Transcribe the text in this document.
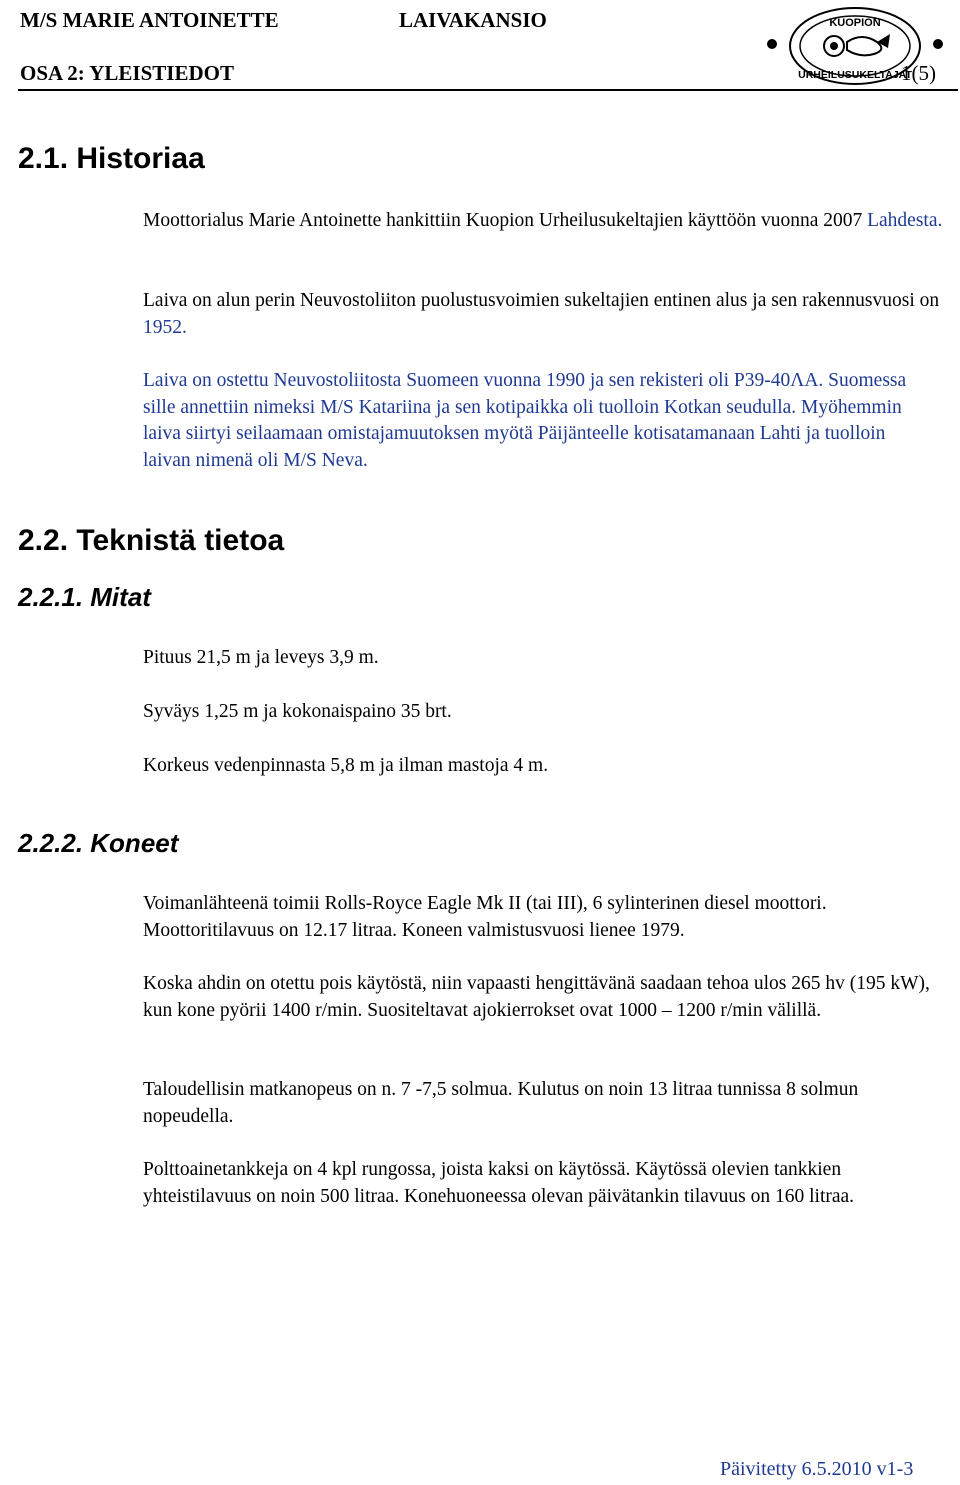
M/S MARIE ANTOINETTE	LAIVAKANSIO
OSA 2: YLEISTIEDOT	1(5)
KUOPION
URHEILUSUKELTAJAT
2.1. Historiaa
Moottorialus Marie Antoinette hankittiin Kuopion Urheilusukeltajien käyttöön vuonna 2007 Lahdesta.
Laiva on alun perin Neuvostoliiton puolustusvoimien sukeltajien entinen alus ja sen rakennusvuosi on 1952.
Laiva on ostettu Neuvostoliitosta Suomeen vuonna 1990 ja sen rekisteri oli P39-40ΛΑ. Suomessa sille annettiin nimeksi M/S Katariina ja sen kotipaikka oli tuolloin Kotkan seudulla. Myöhemmin laiva siirtyi seilaamaan omistajamuutoksen myötä Päijänteelle kotisatamanaan Lahti ja tuolloin laivan nimenä oli M/S Neva.
2.2. Teknistä tietoa
2.2.1. Mitat
Pituus 21,5 m ja leveys 3,9 m.
Syväys 1,25 m ja kokonaispaino 35 brt.
Korkeus vedenpinnasta 5,8 m ja ilman mastoja 4 m.
2.2.2. Koneet
Voimanlähteenä toimii Rolls-Royce Eagle Mk II (tai III), 6 sylinterinen diesel moottori. Moottoritilavuus on 12.17 litraa. Koneen valmistusvuosi lienee 1979.
Koska ahdin on otettu pois käytöstä, niin vapaasti hengittävänä saadaan tehoa ulos 265 hv (195 kW), kun kone pyörii 1400 r/min. Suositeltavat ajokierrokset ovat 1000 – 1200 r/min välillä.
Taloudellisin matkanopeus on n. 7 -7,5 solmua. Kulutus on noin 13 litraa tunnissa 8 solmun nopeudella.
Polttoainetankkeja on 4 kpl rungossa, joista kaksi on käytössä. Käytössä olevien tankkien yhteistilavuus on noin 500 litraa. Konehuoneessa olevan päivätankin tilavuus on 160 litraa.
Päivitetty 6.5.2010 v1-3
